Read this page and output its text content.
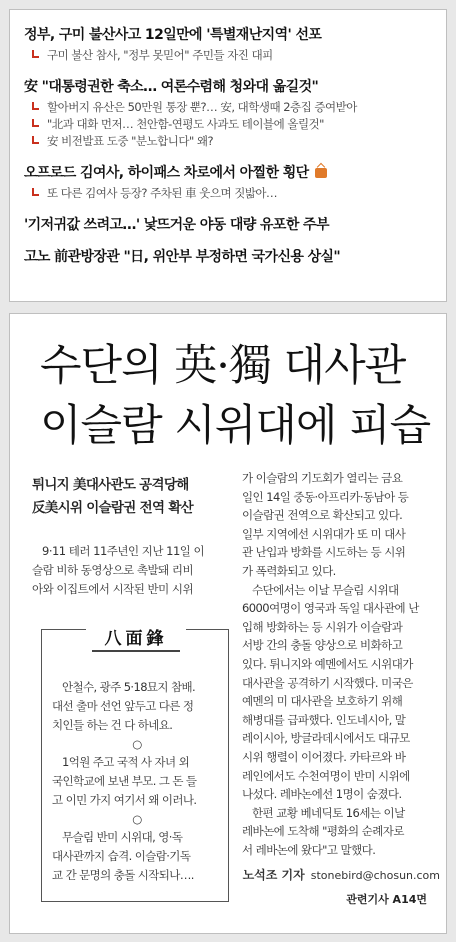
정부, 구미 불산사고 12일만에 '특별재난지역' 선포
구미 불산 참사, "정부 못믿어" 주민들 자진 대피
安 "대통령권한 축소… 여론수렴해 청와대 옮길것"
할아버지 유산은 50만원 통장 뿐?… 安, 대학생때 2층집 증여받아
"北과 대화 먼저… 천안함-연평도 사과도 테이블에 올릴것"
安 비전발표 도중 "분노합니다" 왜?
오프로드 김여사, 하이패스 차로에서 아찔한 횡단
또 다른 김여사 등장? 주차된 車 웃으며 짓밟아…
'기저귀값 쓰려고…' 낯뜨거운 야동 대량 유포한 주부
고노 前관방장관 "日, 위안부 부정하면 국가신용 상실"
수단의 英·獨 대사관
이슬람 시위대에 피습
튀니지 美대사관도 공격당해
反美시위 이슬람권 전역 확산
9·11 테러 11주년인 지난 11일 이
슬람 비하 동영상으로 촉발돼 리비
아와 이집트에서 시작된 반미 시위
八面鋒
안철수, 광주 5·18묘지 참배.
대선 출마 선언 앞두고 다른 정
치인들 하는 건 다 하네요.
○
1억원 주고 국적 사 자녀 외
국인학교에 보낸 부모. 그 돈 들
고 이민 가지 여기서 왜 이러나.
○
무슬림 반미 시위대, 영·독
대사관까지 습격. 이슬람·기독
교 간 문명의 충돌 시작되나….
가 이슬람의 기도회가 열리는 금요
일인 14일 중동·아프리카·동남아 등
이슬람권 전역으로 확산되고 있다.
일부 지역에선 시위대가 또 미 대사
관 난입과 방화를 시도하는 등 시위
가 폭력화되고 있다.
수단에서는 이날 무슬림 시위대
6000여명이 영국과 독일 대사관에 난
입해 방화하는 등 시위가 이슬람과
서방 간의 충돌 양상으로 비화하고
있다. 튀니지와 예멘에서도 시위대가
대사관을 공격하기 시작했다. 미국은
예멘의 미 대사관을 보호하기 위해
해병대를 급파했다. 인도네시아, 말
레이시아, 방글라데시에서도 대규모
시위 행렬이 이어졌다. 카타르와 바
레인에서도 수천여명이 반미 시위에
나섰다. 레바논에선 1명이 숨졌다.
한편 교황 베네딕토 16세는 이날
레바논에 도착해 "평화의 순례자로
서 레바논에 왔다"고 말했다.
노석조 기자 stonebird@chosun.com
관련기사 A14면
